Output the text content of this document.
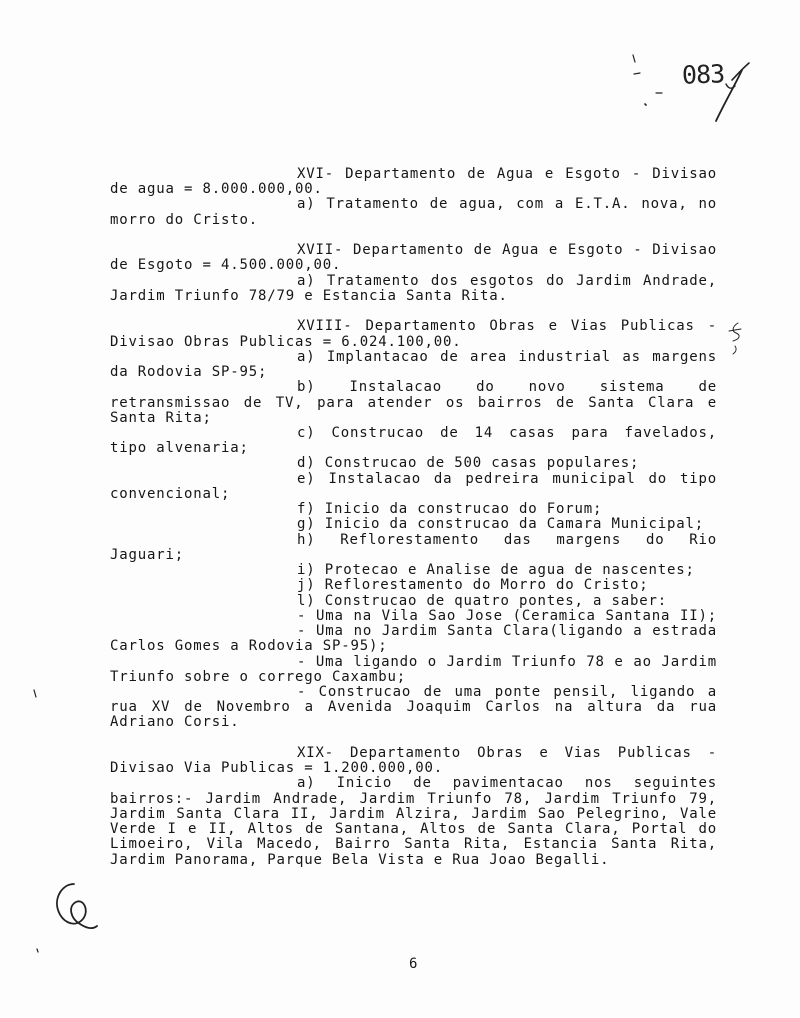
083
XVI- Departamento de Agua e Esgoto - Divisao
de agua = 8.000.000,00.
a) Tratamento de agua, com a E.T.A. nova, no
morro do Cristo.
XVII- Departamento de Agua e Esgoto - Divisao
de Esgoto = 4.500.000,00.
a) Tratamento dos esgotos do Jardim Andrade,
Jardim Triunfo 78/79 e Estancia Santa Rita.
XVIII- Departamento Obras e Vias Publicas -
Divisao Obras Publicas = 6.024.100,00.
a) Implantacao de area industrial as margens
da Rodovia SP-95;
b) Instalacao do novo sistema de
retransmissao de TV, para atender os bairros de Santa Clara e
Santa Rita;
c) Construcao de 14 casas para favelados,
tipo alvenaria;
d) Construcao de 500 casas populares;
e) Instalacao da pedreira municipal do tipo
convencional;
f) Inicio da construcao do Forum;
g) Inicio da construcao da Camara Municipal;
h) Reflorestamento das margens do Rio
Jaguari;
i) Protecao e Analise de agua de nascentes;
j) Reflorestamento do Morro do Cristo;
l) Construcao de quatro pontes, a saber:
- Uma na Vila Sao Jose (Ceramica Santana II);
- Uma no Jardim Santa Clara(ligando a estrada
Carlos Gomes a Rodovia SP-95);
- Uma ligando o Jardim Triunfo 78 e ao Jardim
Triunfo sobre o corrego Caxambu;
- Construcao de uma ponte pensil, ligando a
rua XV de Novembro a Avenida Joaquim Carlos na altura da rua
Adriano Corsi.
XIX- Departamento Obras e Vias Publicas -
Divisao Via Publicas = 1.200.000,00.
a) Inicio de pavimentacao nos seguintes
bairros:- Jardim Andrade, Jardim Triunfo 78, Jardim Triunfo 79,
Jardim Santa Clara II, Jardim Alzira, Jardim Sao Pelegrino, Vale
Verde I e II, Altos de Santana, Altos de Santa Clara, Portal do
Limoeiro, Vila Macedo, Bairro Santa Rita, Estancia Santa Rita,
Jardim Panorama, Parque Bela Vista e Rua Joao Begalli.
6
